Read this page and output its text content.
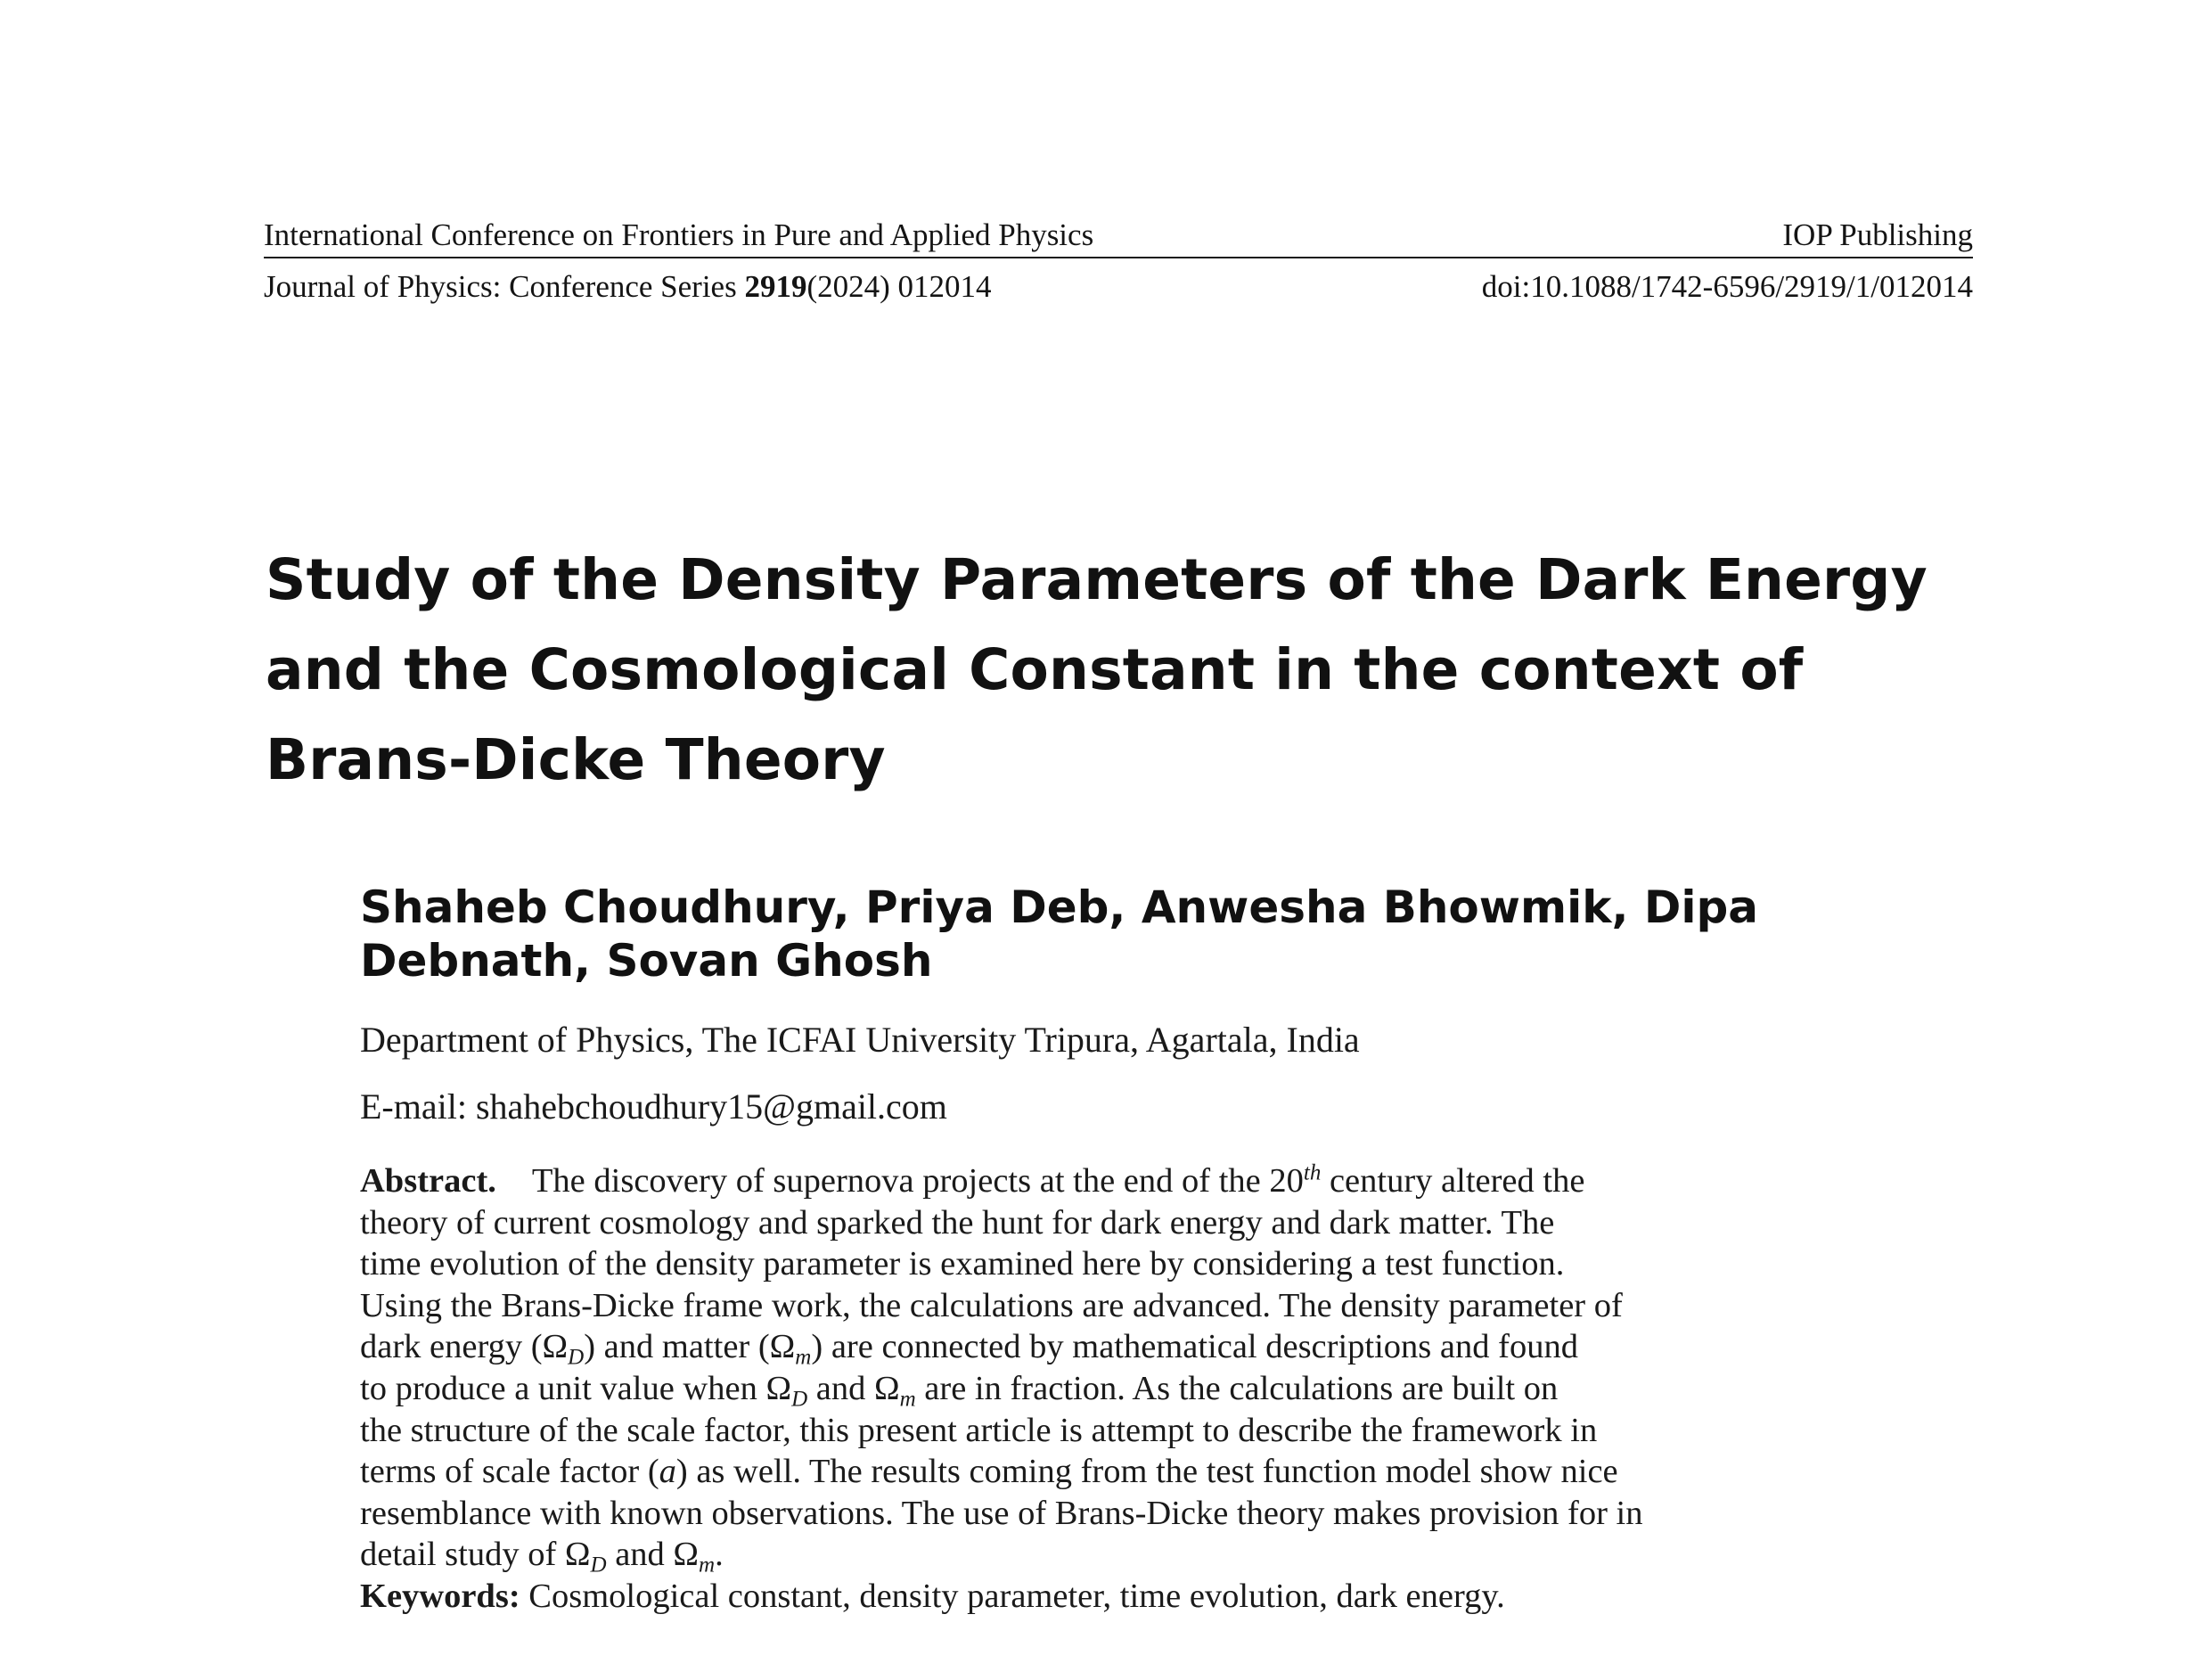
International Conference on Frontiers in Pure and Applied Physics	IOP Publishing
Journal of Physics: Conference Series 2919(2024) 012014	doi:10.1088/1742-6596/2919/1/012014
Study of the Density Parameters of the Dark Energy and the Cosmological Constant in the context of Brans-Dicke Theory
Shaheb Choudhury, Priya Deb, Anwesha Bhowmik, Dipa Debnath, Sovan Ghosh
Department of Physics, The ICFAI University Tripura, Agartala, India
E-mail: shahebchoudhury15@gmail.com
Abstract. The discovery of supernova projects at the end of the 20th century altered the
theory of current cosmology and sparked the hunt for dark energy and dark matter. The
time evolution of the density parameter is examined here by considering a test function.
Using the Brans-Dicke frame work, the calculations are advanced. The density parameter of
dark energy $(\Omega_D)$ and matter $(\Omega_m)$ are connected by mathematical descriptions and found
to produce a unit value when $\Omega_D$ and $\Omega_m$ are in fraction. As the calculations are built on
the structure of the scale factor, this present article is attempt to describe the framework in
terms of scale factor (a) as well. The results coming from the test function model show nice
resemblance with known observations. The use of Brans-Dicke theory makes provision for in
detail study of $\Omega_D$ and $\Omega_m$.
Keywords: Cosmological constant, density parameter, time evolution, dark energy.
